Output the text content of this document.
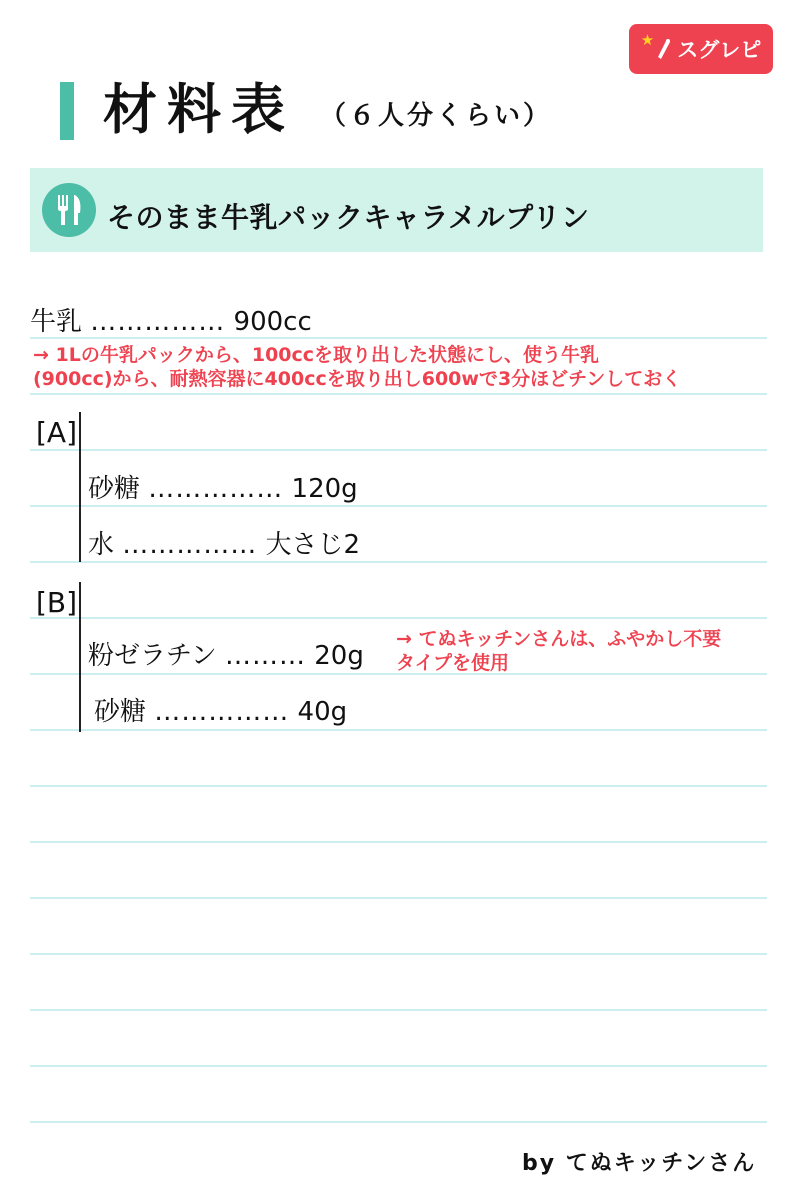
★ スグレピ
材料表 （６人分くらい）
そのまま牛乳パックキャラメルプリン
牛乳 …………… 900cc
→ 1Lの牛乳パックから、100ccを取り出した状態にし、使う牛乳
(900cc)から、耐熱容器に400ccを取り出し600wで3分ほどチンしておく
[A]
砂糖 …………… 120g
水 …………… 大さじ2
[B]
粉ゼラチン ……… 20g
→ てぬキッチンさんは、ふやかし不要
タイプを使用
砂糖 …………… 40g
by てぬキッチンさん
